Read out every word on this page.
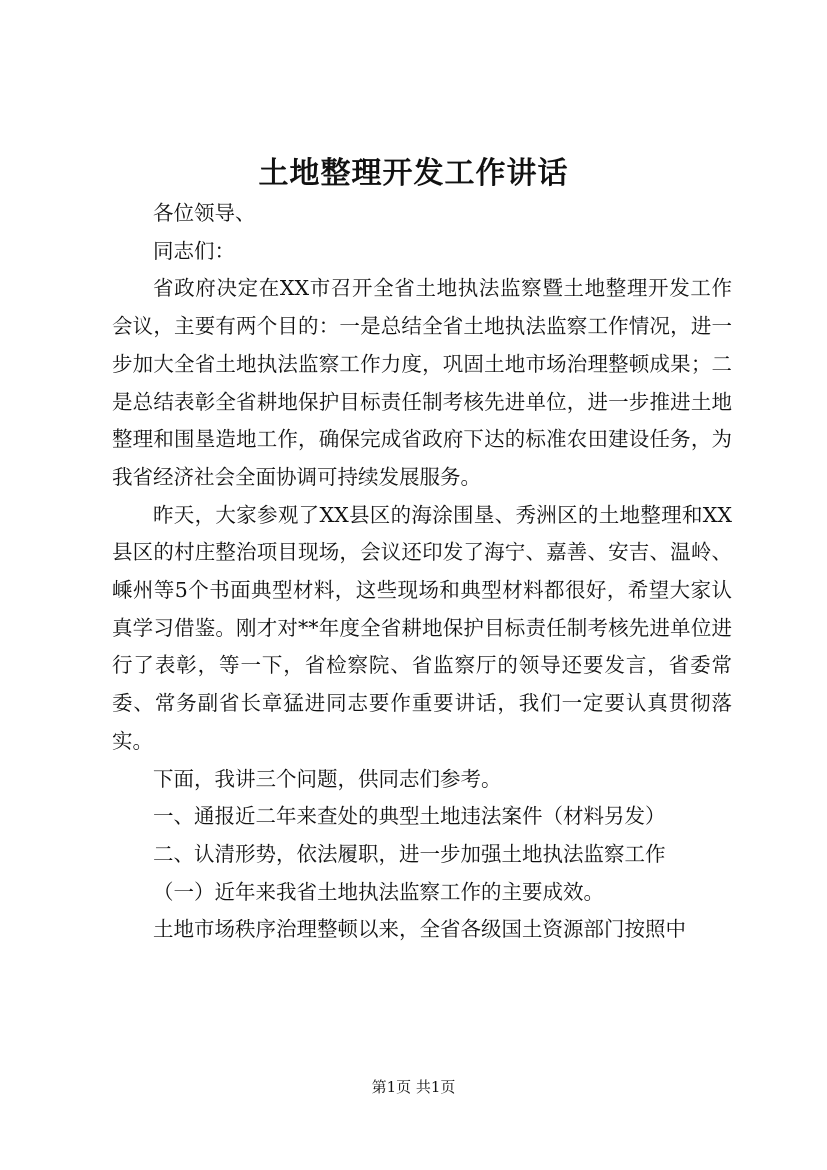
土地整理开发工作讲话

各位领导、

同志们：

省政府决定在XX市召开全省土地执法监察暨土地整理开发工作会议，主要有两个目的：一是总结全省土地执法监察工作情况，进一步加大全省土地执法监察工作力度，巩固土地市场治理整顿成果；二是总结表彰全省耕地保护目标责任制考核先进单位，进一步推进土地整理和围垦造地工作，确保完成省政府下达的标准农田建设任务，为我省经济社会全面协调可持续发展服务。

昨天，大家参观了XX县区的海涂围垦、秀洲区的土地整理和XX县区的村庄整治项目现场，会议还印发了海宁、嘉善、安吉、温岭、嵊州等5个书面典型材料，这些现场和典型材料都很好，希望大家认真学习借鉴。刚才对**年度全省耕地保护目标责任制考核先进单位进行了表彰，等一下，省检察院、省监察厅的领导还要发言，省委常委、常务副省长章猛进同志要作重要讲话，我们一定要认真贯彻落实。

下面，我讲三个问题，供同志们参考。

一、通报近二年来查处的典型土地违法案件（材料另发）

二、认清形势，依法履职，进一步加强土地执法监察工作

（一）近年来我省土地执法监察工作的主要成效。

土地市场秩序治理整顿以来，全省各级国土资源部门按照中

第1页 共1页
